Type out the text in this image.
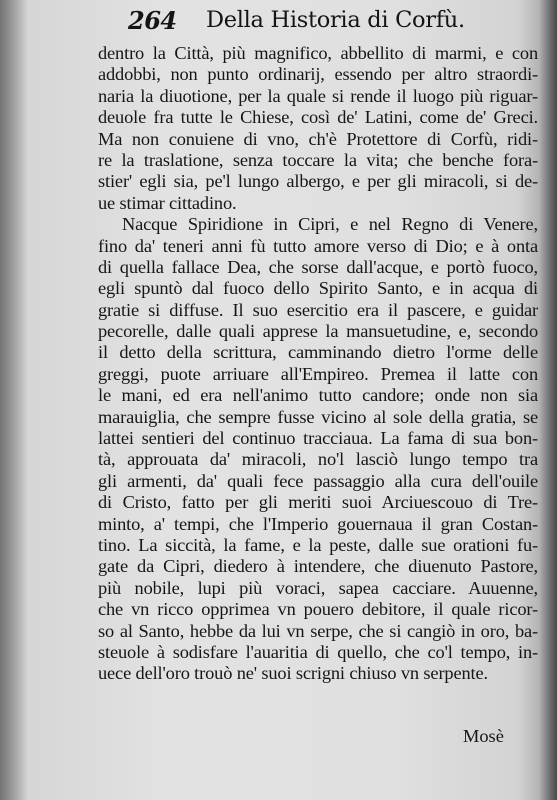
264 Della Historia di Corfù.
dentro la Città, più magnifico, abbellito di marmi, e con
addobbi, non punto ordinarij, essendo per altro straordi-
naria la diuotione, per la quale si rende il luogo più riguar-
deuole fra tutte le Chiese, così de' Latini, come de' Greci.
Ma non conuiene di vno, ch'è Protettore di Corfù, ridi-
re la traslatione, senza toccare la vita; che benche fora-
stier' egli sia, pe'l lungo albergo, e per gli miracoli, si de-
ue stimar cittadino.
Nacque Spiridione in Cipri, e nel Regno di Venere,
fino da' teneri anni fù tutto amore verso di Dio; e à onta
di quella fallace Dea, che sorse dall'acque, e portò fuoco,
egli spuntò dal fuoco dello Spirito Santo, e in acqua di
gratie si diffuse. Il suo esercitio era il pascere, e guidar
pecorelle, dalle quali apprese la mansuetudine, e, secondo
il detto della scrittura, camminando dietro l'orme delle
greggi, puote arriuare all'Empireo. Premea il latte con
le mani, ed era nell'animo tutto candore; onde non sia
marauiglia, che sempre fusse vicino al sole della gratia, se
lattei sentieri del continuo tracciaua. La fama di sua bon-
tà, approuata da' miracoli, no'l lasciò lungo tempo tra
gli armenti, da' quali fece passaggio alla cura dell'ouile
di Cristo, fatto per gli meriti suoi Arciuescouo di Tre-
minto, a' tempi, che l'Imperio gouernaua il gran Costan-
tino. La siccità, la fame, e la peste, dalle sue orationi fu-
gate da Cipri, diedero à intendere, che diuenuto Pastore,
più nobile, lupi più voraci, sapea cacciare. Auuenne,
che vn ricco opprimea vn pouero debitore, il quale ricor-
so al Santo, hebbe da lui vn serpe, che si cangiò in oro, ba-
steuole à sodisfare l'auaritia di quello, che co'l tempo, in-
uece dell'oro trouò ne' suoi scrigni chiuso vn serpente.
Mosè
